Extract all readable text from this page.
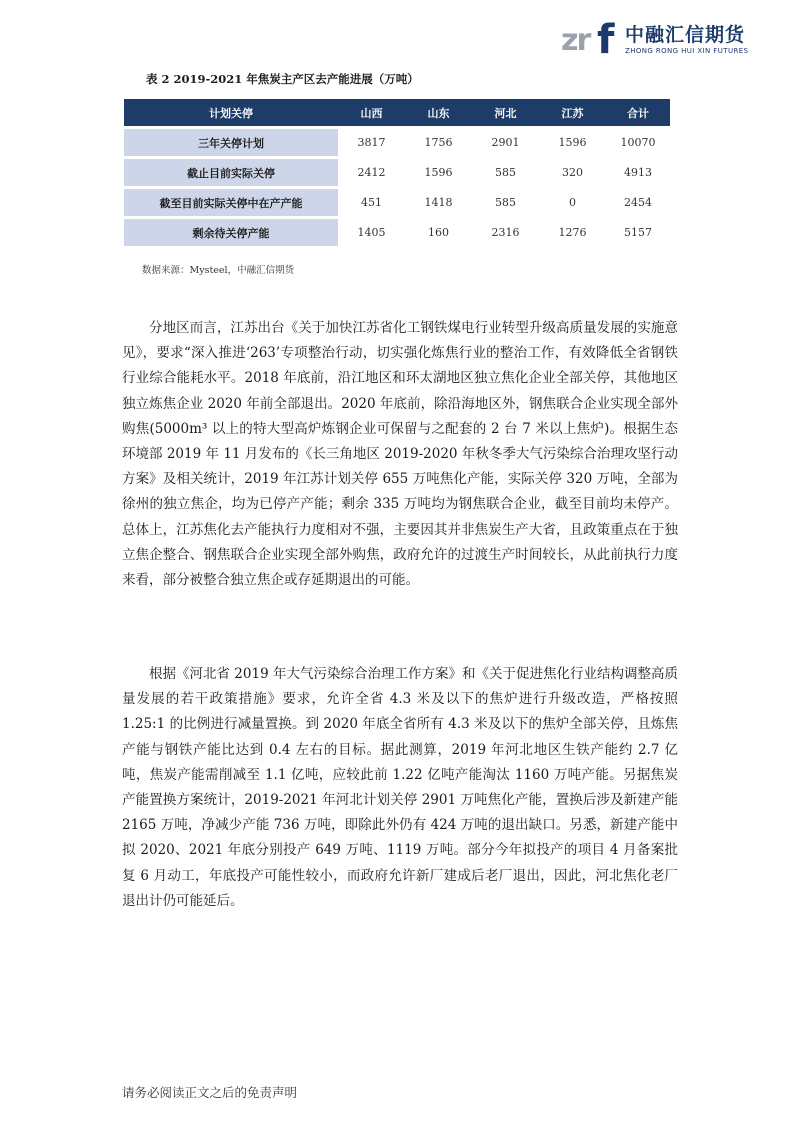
zr f 中融汇信期货
ZHONG RONG HUI XIN FUTURES
表 2 2019-2021 年焦炭主产区去产能进展（万吨）
计划关停	山西	山东	河北	江苏	合计
三年关停计划	3817	1756	2901	1596	10070
截止目前实际关停	2412	1596	585	320	4913
截至目前实际关停中在产产能	451	1418	585	0	2454
剩余待关停产能	1405	160	2316	1276	5157
数据来源：Mysteel，中融汇信期货

分地区而言，江苏出台《关于加快江苏省化工钢铁煤电行业转型升级高质量发展的实施意见》，要求“深入推进‘263’专项整治行动，切实强化炼焦行业的整治工作，有效降低全省钢铁行业综合能耗水平。2018 年底前，沿江地区和环太湖地区独立焦化企业全部关停，其他地区独立炼焦企业 2020 年前全部退出。2020 年底前，除沿海地区外，钢焦联合企业实现全部外购焦(5000m³ 以上的特大型高炉炼钢企业可保留与之配套的 2 台 7 米以上焦炉)。根据生态环境部 2019 年 11 月发布的《长三角地区 2019-2020 年秋冬季大气污染综合治理攻坚行动方案》及相关统计，2019 年江苏计划关停 655 万吨焦化产能，实际关停 320 万吨，全部为徐州的独立焦企，均为已停产产能；剩余 335 万吨均为钢焦联合企业，截至目前均未停产。总体上，江苏焦化去产能执行力度相对不强，主要因其并非焦炭生产大省，且政策重点在于独立焦企整合、钢焦联合企业实现全部外购焦，政府允许的过渡生产时间较长，从此前执行力度来看，部分被整合独立焦企或存延期退出的可能。

根据《河北省 2019 年大气污染综合治理工作方案》和《关于促进焦化行业结构调整高质量发展的若干政策措施》要求，允许全省 4.3 米及以下的焦炉进行升级改造，严格按照 1.25:1 的比例进行减量置换。到 2020 年底全省所有 4.3 米及以下的焦炉全部关停，且炼焦产能与钢铁产能比达到 0.4 左右的目标。据此测算，2019 年河北地区生铁产能约 2.7 亿吨，焦炭产能需削减至 1.1 亿吨，应较此前 1.22 亿吨产能淘汰 1160 万吨产能。另据焦炭产能置换方案统计，2019-2021 年河北计划关停 2901 万吨焦化产能，置换后涉及新建产能 2165 万吨，净减少产能 736 万吨，即除此外仍有 424 万吨的退出缺口。另悉，新建产能中拟 2020、2021 年底分别投产 649 万吨、1119 万吨。部分今年拟投产的项目 4 月备案批复 6 月动工，年底投产可能性较小，而政府允许新厂建成后老厂退出，因此，河北焦化老厂退出计仍可能延后。

请务必阅读正文之后的免责声明
